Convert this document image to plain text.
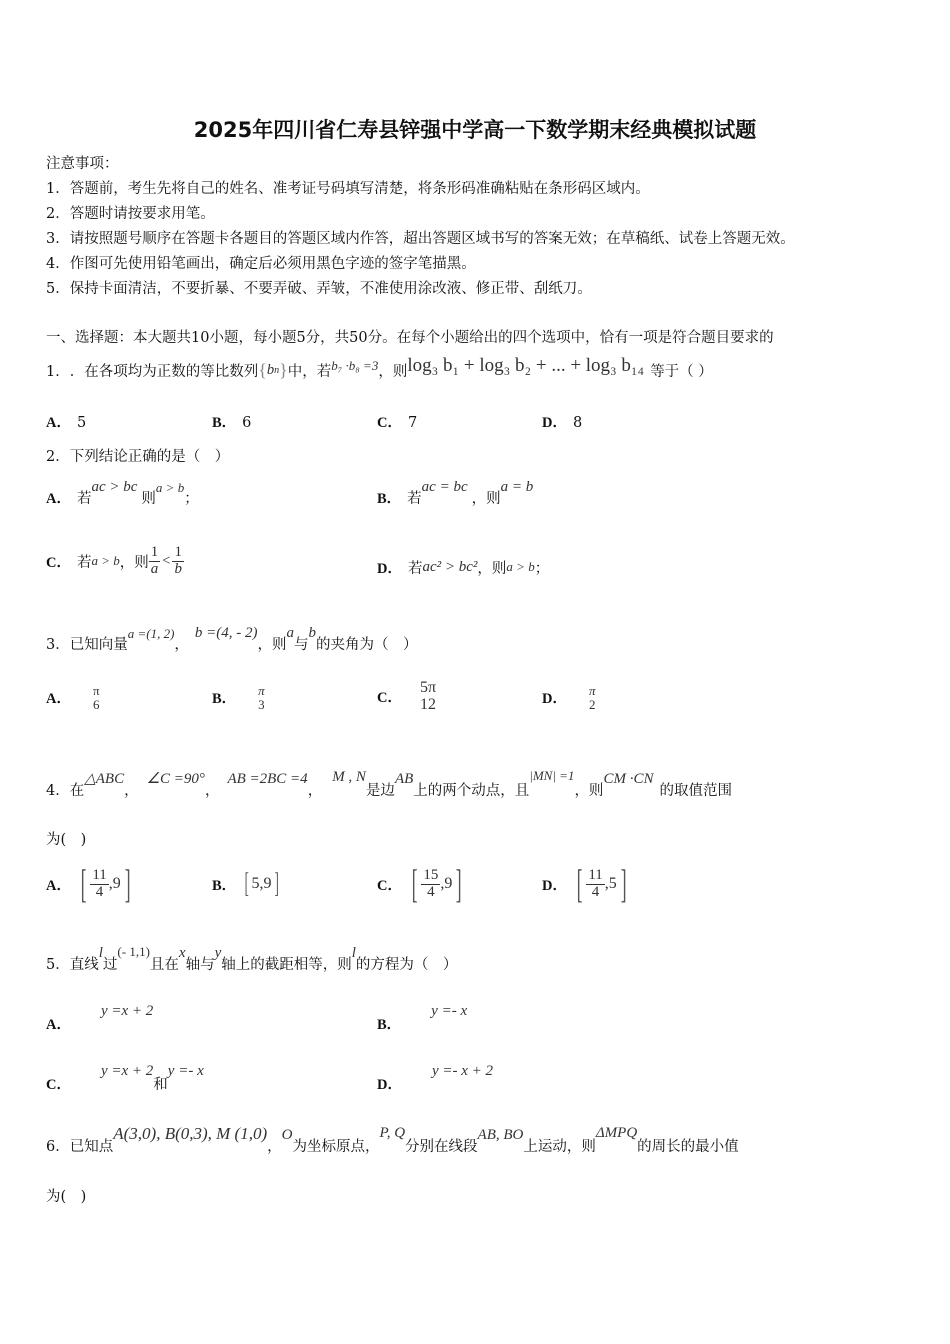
2025年四川省仁寿县锌强中学高一下数学期末经典模拟试题
注意事项：
1．答题前，考生先将自己的姓名、准考证号码填写清楚，将条形码准确粘贴在条形码区域内。
2．答题时请按要求用笔。
3．请按照题号顺序在答题卡各题目的答题区域内作答，超出答题区域书写的答案无效；在草稿纸、试卷上答题无效。
4．作图可先使用铅笔画出，确定后必须用黑色字迹的签字笔描黑。
5．保持卡面清洁，不要折暴、不要弄破、弄皱，不准使用涂改液、修正带、刮纸刀。
一、选择题：本大题共10小题，每小题5分，共50分。在每个小题给出的四个选项中，恰有一项是符合题目要求的
1． ．在各项均为正数的等比数列 { b n } 中，若 b₇ ·b₈ =3 ，则 log₃ b₁ + log₃ b₂ + ... + log₃ b₁₄ 等于（ ）
A． 5	B． 6	C． 7	D． 8
2．下列结论正确的是（　）
A． 若
ac > bc
则
a > b
；	B． 若
ac = bc
，则
a = b
C． 若 a > b ，则 $\frac{1}{a} < \frac{1}{b}$	D． 若 ac² > bc² ，则 a > b ；
3． 已知向量
a =(1, 2)
，
b =(4, - 2)
，则
a
与
b
的夹角为（　）
A．
π
6	B．
π
3	C．
5π
12	D．
π
2
4． 在
△ABC
，
∠C =90°
，
AB =2BC =4
，
M , N
是边
AB
上的两个动点，且
|MN| =1
，则
CM ·CN
的取值范围
为(　)
A． [ $\frac{11}{4} ,9$ ]	B． [ 5,9 ]	C． [ $\frac{15}{4} ,9$ ]	D． [ $\frac{11}{4} ,5$ ]
5． 直线
l
过
(- 1,1)
且在
x
轴与
y
轴上的截距相等，则
l
的方程为（　）
A．
y =x + 2
B．
y =- x
C．
y =x + 2
和
y =- x
D．
y =- x + 2
6． 已知点
A(3,0), B(0,3), M (1,0)
，
O
为坐标原点，
P, Q
分别在线段
AB, BO
上运动，则
ΔMPQ
的周长的最小值
为(　)
